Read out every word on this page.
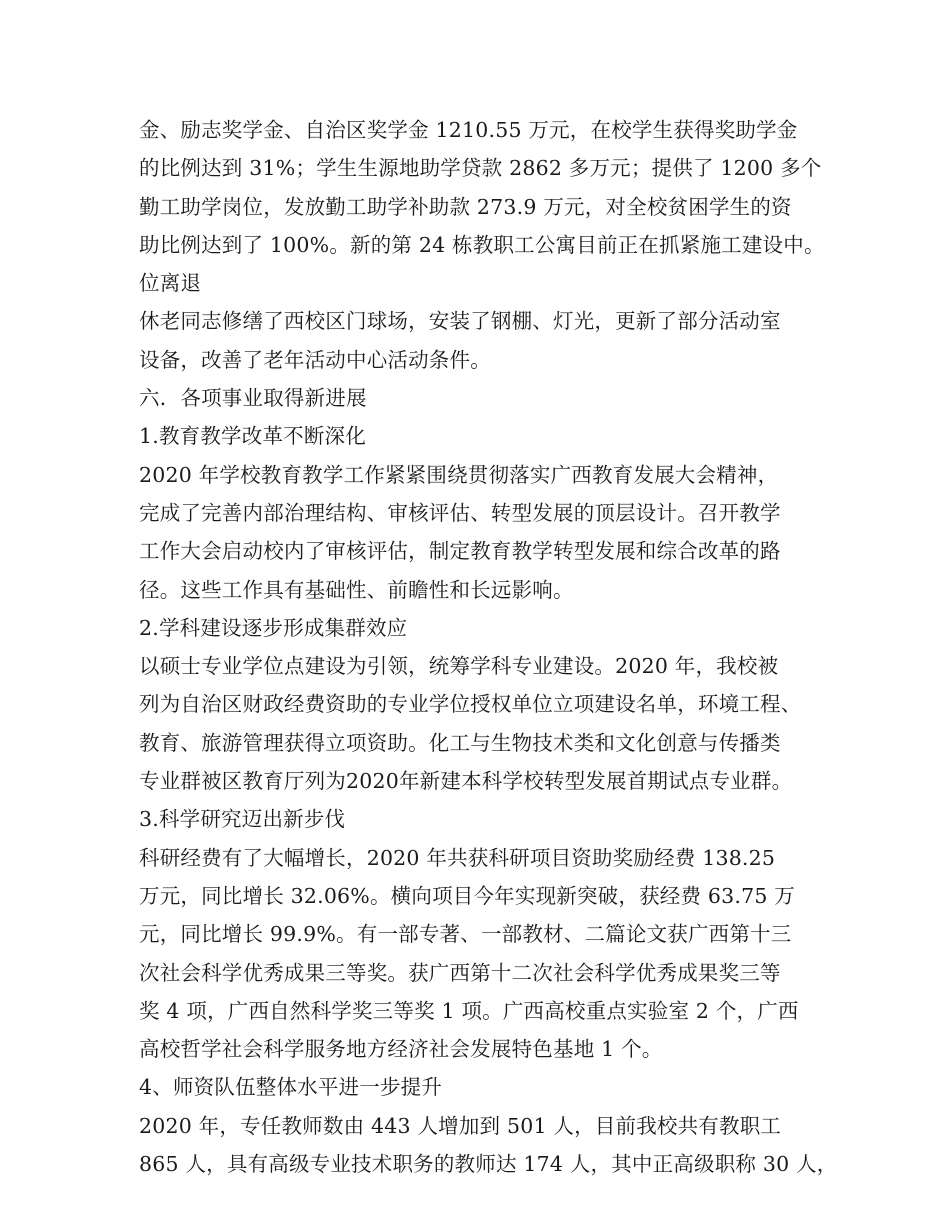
金、励志奖学金、自治区奖学金 1210.55 万元，在校学生获得奖助学金
的比例达到 31%；学生生源地助学贷款 2862 多万元；提供了 1200 多个
勤工助学岗位，发放勤工助学补助款 273.9 万元，对全校贫困学生的资
助比例达到了 100%。新的第 24 栋教职工公寓目前正在抓紧施工建设中。
位离退
休老同志修缮了西校区门球场，安装了钢棚、灯光，更新了部分活动室
设备，改善了老年活动中心活动条件。
六．各项事业取得新进展
1.教育教学改革不断深化
2020 年学校教育教学工作紧紧围绕贯彻落实广西教育发展大会精神，
完成了完善内部治理结构、审核评估、转型发展的顶层设计。召开教学
工作大会启动校内了审核评估，制定教育教学转型发展和综合改革的路
径。这些工作具有基础性、前瞻性和长远影响。
2.学科建设逐步形成集群效应
以硕士专业学位点建设为引领，统筹学科专业建设。2020 年，我校被
列为自治区财政经费资助的专业学位授权单位立项建设名单，环境工程、
教育、旅游管理获得立项资助。化工与生物技术类和文化创意与传播类
专业群被区教育厅列为2020年新建本科学校转型发展首期试点专业群。
3.科学研究迈出新步伐
科研经费有了大幅增长，2020 年共获科研项目资助奖励经费 138.25
万元，同比增长 32.06%。横向项目今年实现新突破，获经费 63.75 万
元，同比增长 99.9%。有一部专著、一部教材、二篇论文获广西第十三
次社会科学优秀成果三等奖。获广西第十二次社会科学优秀成果奖三等
奖 4 项，广西自然科学奖三等奖 1 项。广西高校重点实验室 2 个，广西
高校哲学社会科学服务地方经济社会发展特色基地 1 个。
4、师资队伍整体水平进一步提升
2020 年，专任教师数由 443 人增加到 501 人，目前我校共有教职工
865 人，具有高级专业技术职务的教师达 174 人，其中正高级职称 30 人，
